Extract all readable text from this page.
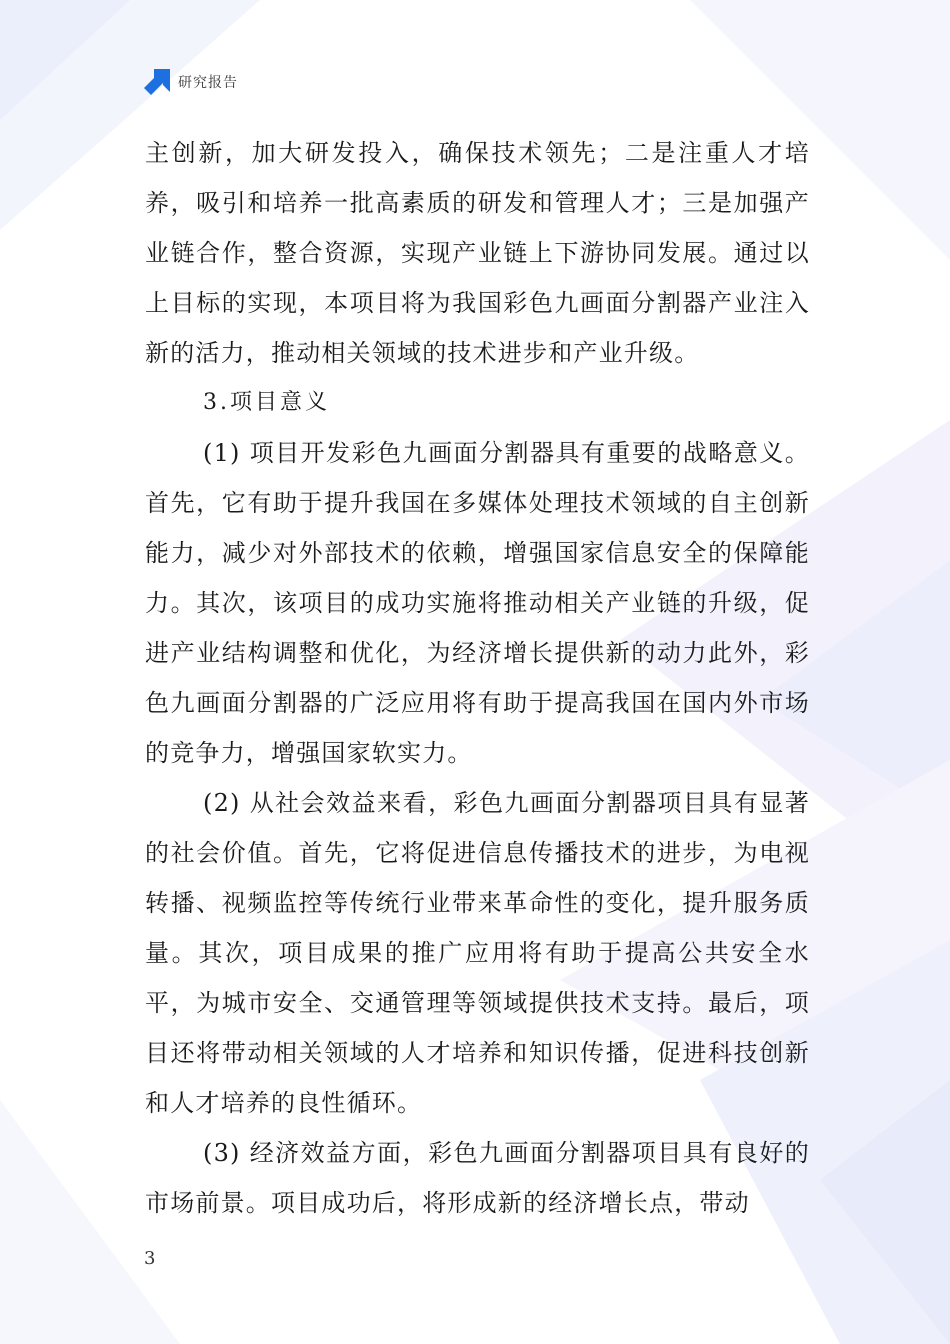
研究报告

主创新，加大研发投入，确保技术领先；二是注重人才培养，吸引和培养一批高素质的研发和管理人才；三是加强产业链合作，整合资源，实现产业链上下游协同发展。通过以上目标的实现，本项目将为我国彩色九画面分割器产业注入新的活力，推动相关领域的技术进步和产业升级。

3.项目意义

(1) 项目开发彩色九画面分割器具有重要的战略意义。首先，它有助于提升我国在多媒体处理技术领域的自主创新能力，减少对外部技术的依赖，增强国家信息安全的保障能力。其次，该项目的成功实施将推动相关产业链的升级，促进产业结构调整和优化，为经济增长提供新的动力此外，彩色九画面分割器的广泛应用将有助于提高我国在国内外市场的竞争力，增强国家软实力。

(2) 从社会效益来看，彩色九画面分割器项目具有显著的社会价值。首先，它将促进信息传播技术的进步，为电视转播、视频监控等传统行业带来革命性的变化，提升服务质量。其次，项目成果的推广应用将有助于提高公共安全水平，为城市安全、交通管理等领域提供技术支持。最后，项目还将带动相关领域的人才培养和知识传播，促进科技创新和人才培养的良性循环。

(3) 经济效益方面，彩色九画面分割器项目具有良好的市场前景。项目成功后，将形成新的经济增长点，带动

3
